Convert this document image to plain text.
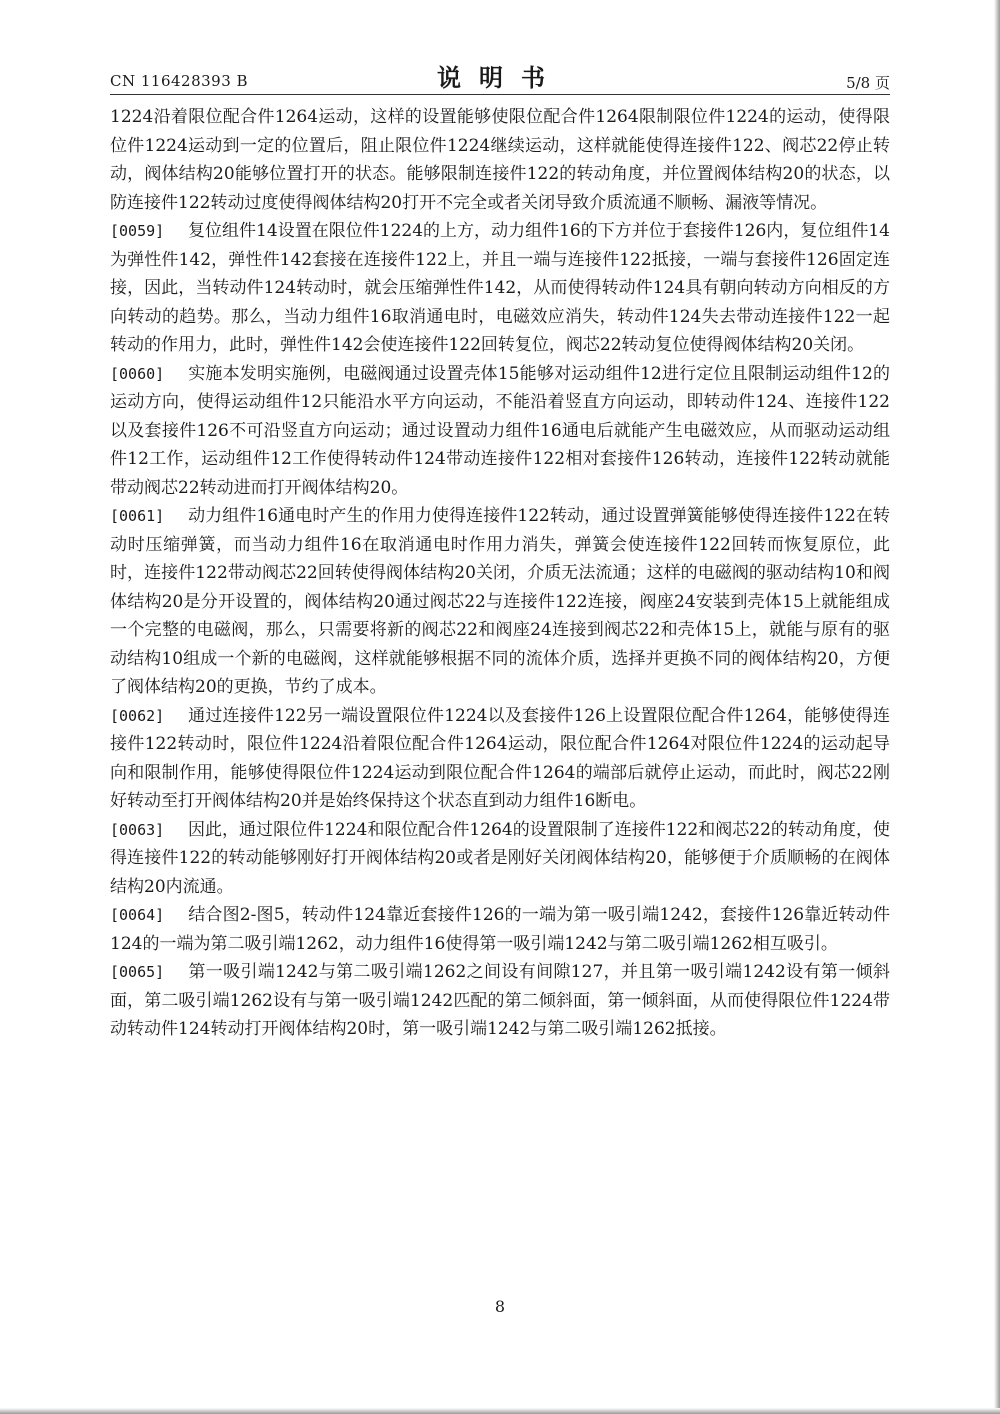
CN 116428393 B	说明书	5/8 页

1224沿着限位配合件1264运动，这样的设置能够使限位配合件1264限制限位件1224的运动，使得限位件1224运动到一定的位置后，阻止限位件1224继续运动，这样就能使得连接件122、阀芯22停止转动，阀体结构20能够位置打开的状态。能够限制连接件122的转动角度，并位置阀体结构20的状态，以防连接件122转动过度使得阀体结构20打开不完全或者关闭导致介质流通不顺畅、漏液等情况。

[0059] 复位组件14设置在限位件1224的上方，动力组件16的下方并位于套接件126内，复位组件14为弹性件142，弹性件142套接在连接件122上，并且一端与连接件122抵接，一端与套接件126固定连接，因此，当转动件124转动时，就会压缩弹性件142，从而使得转动件124具有朝向转动方向相反的方向转动的趋势。那么，当动力组件16取消通电时，电磁效应消失，转动件124失去带动连接件122一起转动的作用力，此时，弹性件142会使连接件122回转复位，阀芯22转动复位使得阀体结构20关闭。

[0060] 实施本发明实施例，电磁阀通过设置壳体15能够对运动组件12进行定位且限制运动组件12的运动方向，使得运动组件12只能沿水平方向运动，不能沿着竖直方向运动，即转动件124、连接件122以及套接件126不可沿竖直方向运动；通过设置动力组件16通电后就能产生电磁效应，从而驱动运动组件12工作，运动组件12工作使得转动件124带动连接件122相对套接件126转动，连接件122转动就能带动阀芯22转动进而打开阀体结构20。

[0061] 动力组件16通电时产生的作用力使得连接件122转动，通过设置弹簧能够使得连接件122在转动时压缩弹簧，而当动力组件16在取消通电时作用力消失，弹簧会使连接件122回转而恢复原位，此时，连接件122带动阀芯22回转使得阀体结构20关闭，介质无法流通；这样的电磁阀的驱动结构10和阀体结构20是分开设置的，阀体结构20通过阀芯22与连接件122连接，阀座24安装到壳体15上就能组成一个完整的电磁阀，那么，只需要将新的阀芯22和阀座24连接到阀芯22和壳体15上，就能与原有的驱动结构10组成一个新的电磁阀，这样就能够根据不同的流体介质，选择并更换不同的阀体结构20，方便了阀体结构20的更换，节约了成本。

[0062] 通过连接件122另一端设置限位件1224以及套接件126上设置限位配合件1264，能够使得连接件122转动时，限位件1224沿着限位配合件1264运动，限位配合件1264对限位件1224的运动起导向和限制作用，能够使得限位件1224运动到限位配合件1264的端部后就停止运动，而此时，阀芯22刚好转动至打开阀体结构20并是始终保持这个状态直到动力组件16断电。

[0063] 因此，通过限位件1224和限位配合件1264的设置限制了连接件122和阀芯22的转动角度，使得连接件122的转动能够刚好打开阀体结构20或者是刚好关闭阀体结构20，能够便于介质顺畅的在阀体结构20内流通。

[0064] 结合图2-图5，转动件124靠近套接件126的一端为第一吸引端1242，套接件126靠近转动件124的一端为第二吸引端1262，动力组件16使得第一吸引端1242与第二吸引端1262相互吸引。

[0065] 第一吸引端1242与第二吸引端1262之间设有间隙127，并且第一吸引端1242设有第一倾斜面，第二吸引端1262设有与第一吸引端1242匹配的第二倾斜面，第一倾斜面，从而使得限位件1224带动转动件124转动打开阀体结构20时，第一吸引端1242与第二吸引端1262抵接。

8
